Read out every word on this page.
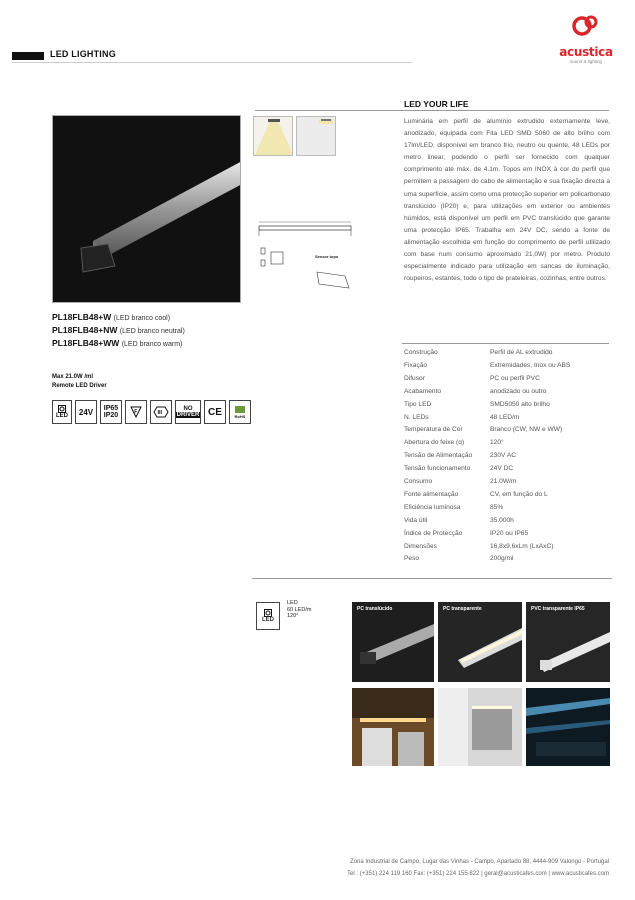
LED LIGHTING	acustica
sound & lighting
PL18FLB48+W (LED branco cool)
PL18FLB48+NW (LED branco neutral)
PL18FLB48+WW (LED branco warm)
Max 21.0W /ml
Remote LED Driver
LED	24V	IP65
IP20	F	III
NO
DRIVER CE	RoHS
Sensor topo
LED YOUR LIFE
Luminária em perfil de alumínio extrudido externamente leve, anodizado, equipada com Fita LED SMD 5060 de alto brilho com 17lm/LED, disponível em branco frio, neutro ou quente, 48 LEDs por metro linear, podendo o perfil ser fornecido com qualquer comprimento até máx. de 4.1m. Topos em INOX à cor do perfil que permitem a passagem do cabo de alimentação e sua fixação directa a uma superfície, assim como uma protecção superior em policarbonato translúcido (IP20) e, para utilizações em exterior ou ambientes húmidos, está disponível um perfil em PVC translúcido que garante uma protecção IP65. Trabalha em 24V DC, sendo a fonte de alimentação escolhida em função do comprimento de perfil utilizado com base num consumo aproximado 21,0W) por metro. Produto especialmente indicado para utilização em sancas de iluminação, roupeiros, estantes, todo o tipo de prateleiras, cozinhas, entre outros.
Construção	Perfil de AL extrudido
Fixação	Extremidades, Inox ou ABS
Difusor	PC ou perfil PVC
Acabamento	anodizado ou outro
Tipo LED	SMD5050 alto brilho
N. LEDs	48 LED/m
Temperatura de Cor	Branco (CW, NW e WW)
Abertura do feixe (α)	120°
Tensão de Alimentação	230V AC
Tensão funcionamento	24V DC
Consumo	21.0W/m
Fonte alimentação	CV, em função do L
Eficiência luminosa	85%
Vida útil	35.000h
Índice de Protecção	IP20 ou IP65
Dimensões	16,8x9,6xLm (LxAxC)
Peso	200g/ml
LED
LED
60 LED/m
120°
PC translúcido	PC transparente	PVC transparente IP65
Zona Industrial de Campo, Lugar das Vinhas - Campo, Apartado 88, 4444-909 Valongo - Portugal
Tel : (+351) 224 119 160 Fax: (+351) 224 155 822 | geral@acusticafes.com | www.acusticafes.com
